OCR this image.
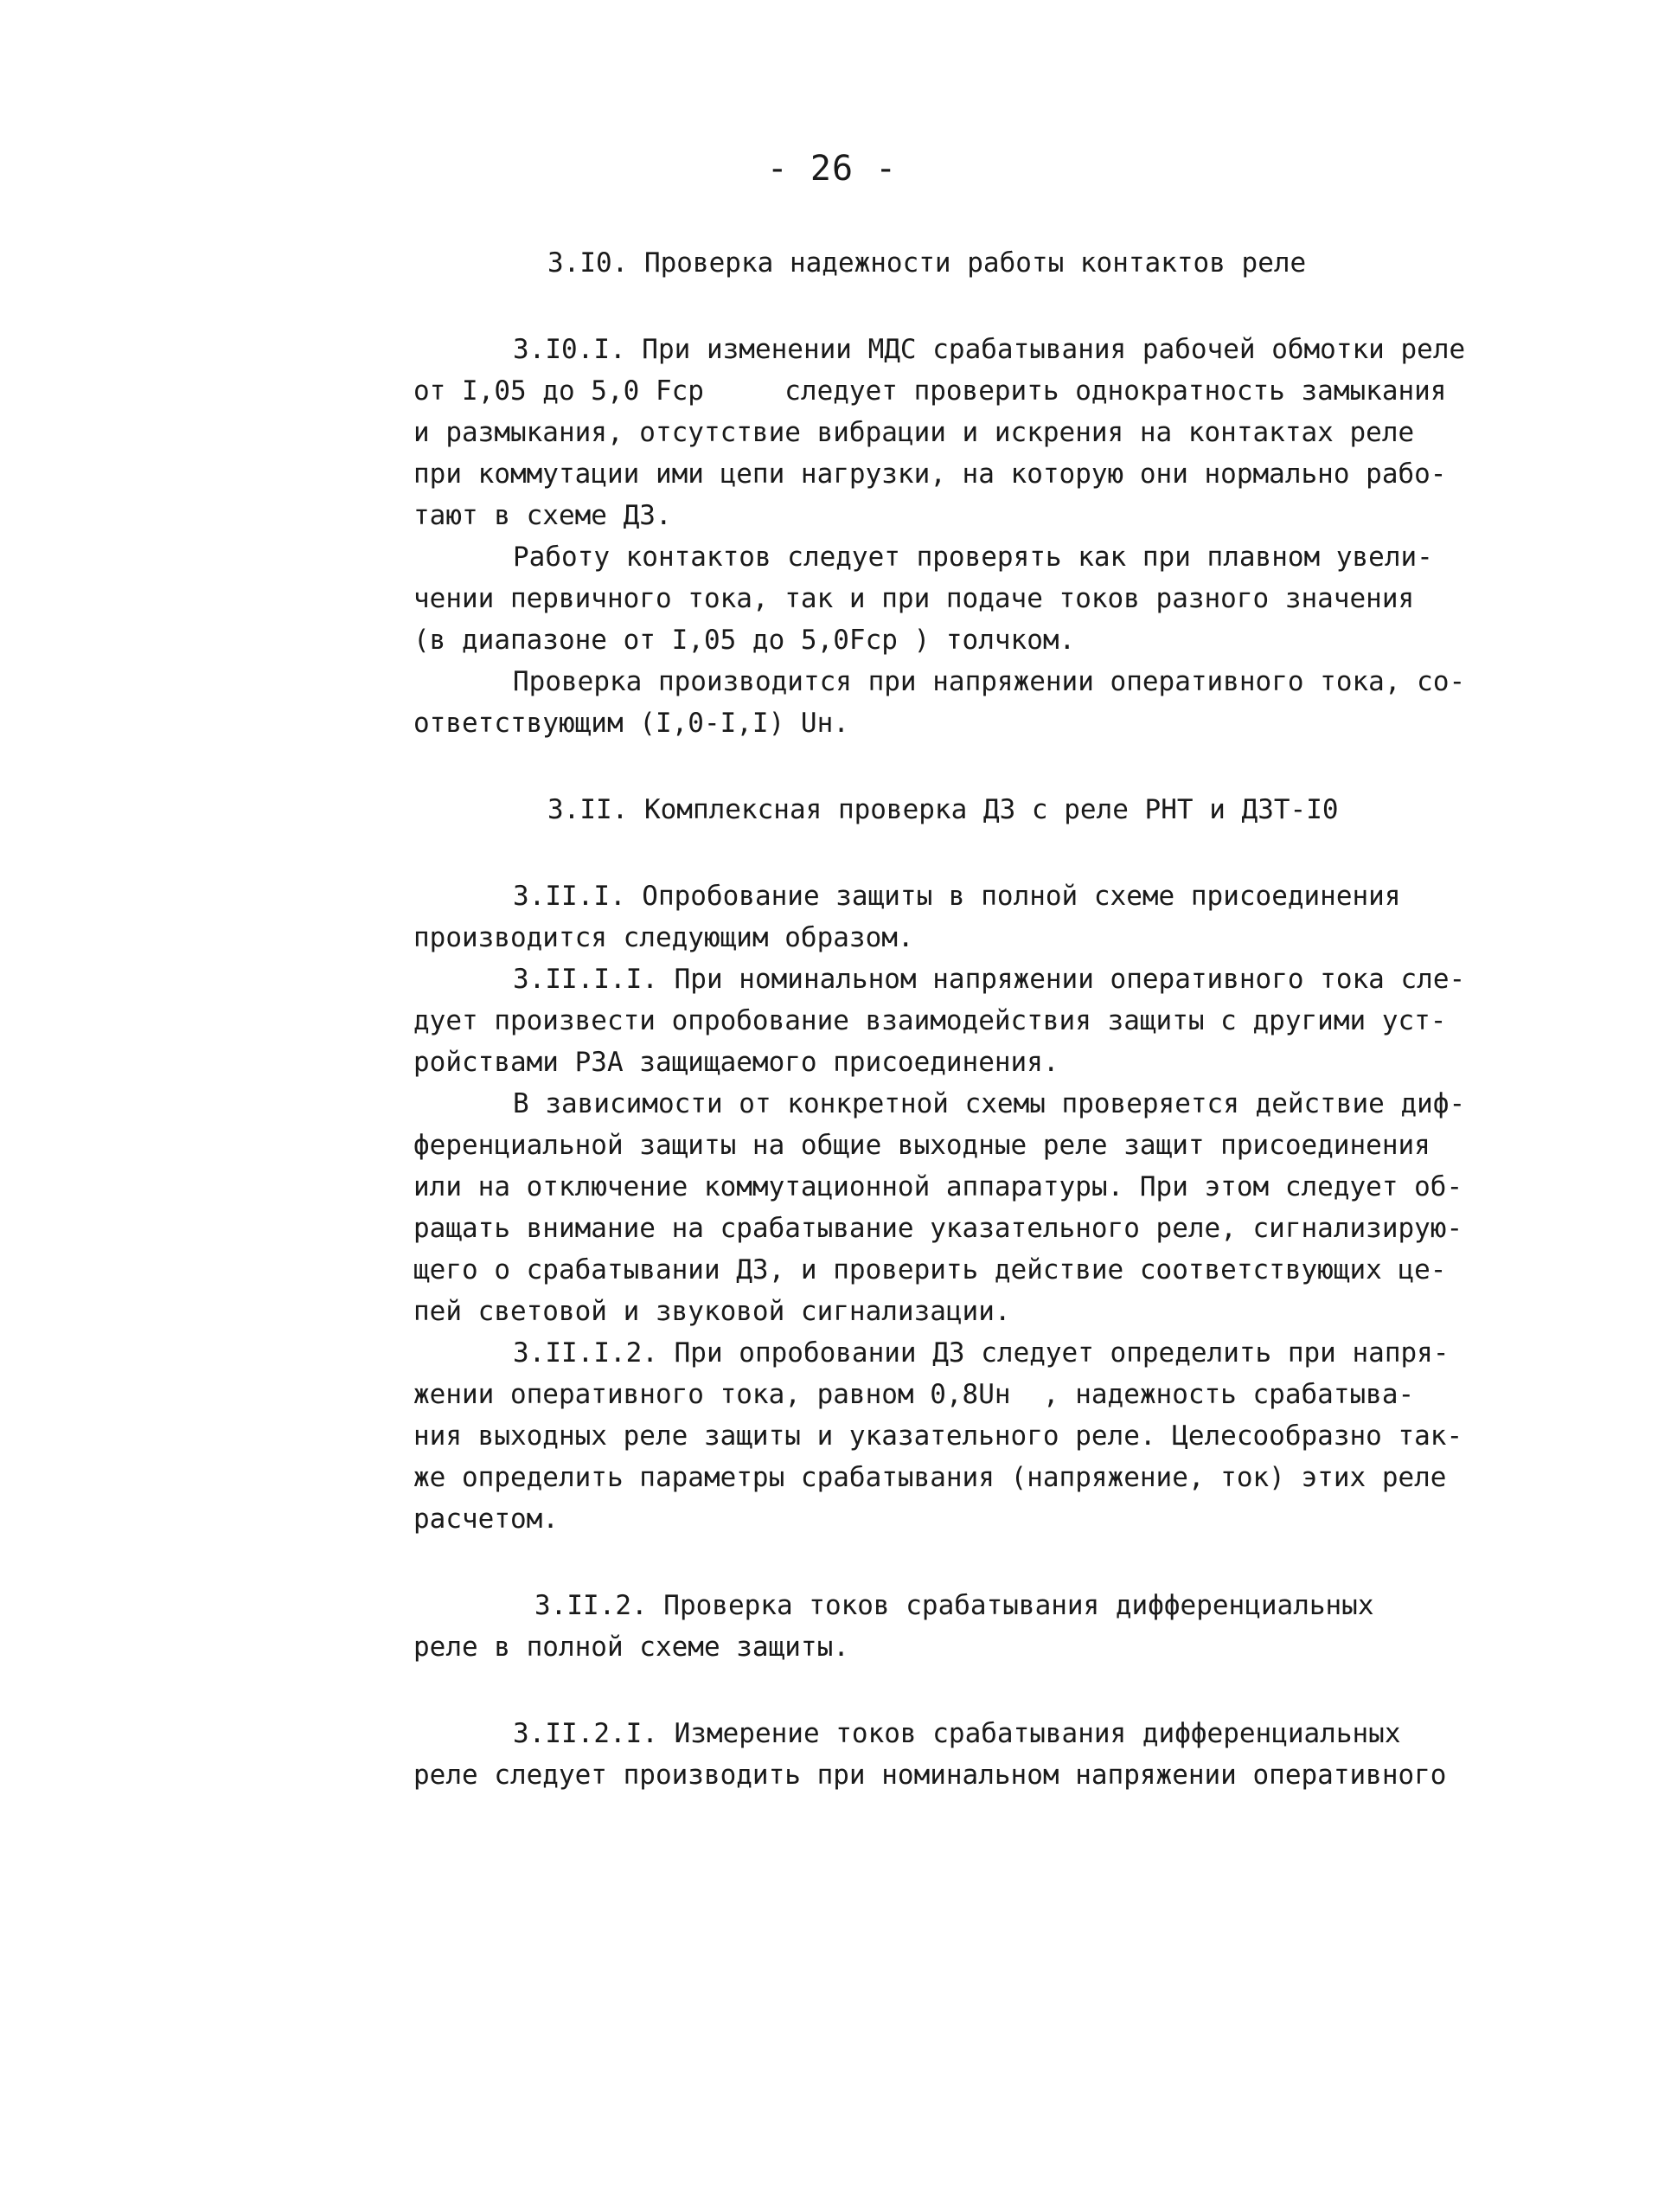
- 26 -
3.I0. Проверка надежности работы контактов реле
3.I0.I. При изменении МДС срабатывания рабочей обмотки реле
от I,05 до 5,0 Fср     следует проверить однократность замыкания
и размыкания, отсутствие вибрации и искрения на контактах реле
при коммутации ими цепи нагрузки, на которую они нормально рабо-
тают в схеме ДЗ.
Работу контактов следует проверять как при плавном увели-
чении первичного тока, так и при подаче токов разного значения
(в диапазоне от I,05 до 5,0Fср ) толчком.
Проверка производится при напряжении оперативного тока, со-
ответствующим (I,0-I,I) Uн.
3.II. Комплексная проверка ДЗ с реле РНТ и ДЗТ-I0
3.II.I. Опробование защиты в полной схеме присоединения
производится следующим образом.
3.II.I.I. При номинальном напряжении оперативного тока сле-
дует произвести опробование взаимодействия защиты с другими уст-
ройствами РЗА защищаемого присоединения.
В зависимости от конкретной схемы проверяется действие диф-
ференциальной защиты на общие выходные реле защит присоединения
или на отключение коммутационной аппаратуры. При этом следует об-
ращать внимание на срабатывание указательного реле, сигнализирую-
щего о срабатывании ДЗ, и проверить действие соответствующих це-
пей световой и звуковой сигнализации.
3.II.I.2. При опробовании ДЗ следует определить при напря-
жении оперативного тока, равном 0,8Uн  , надежность срабатыва-
ния выходных реле защиты и указательного реле. Целесообразно так-
же определить параметры срабатывания (напряжение, ток) этих реле
расчетом.
3.II.2. Проверка токов срабатывания дифференциальных
реле в полной схеме защиты.
3.II.2.I. Измерение токов срабатывания дифференциальных
реле следует производить при номинальном напряжении оперативного
